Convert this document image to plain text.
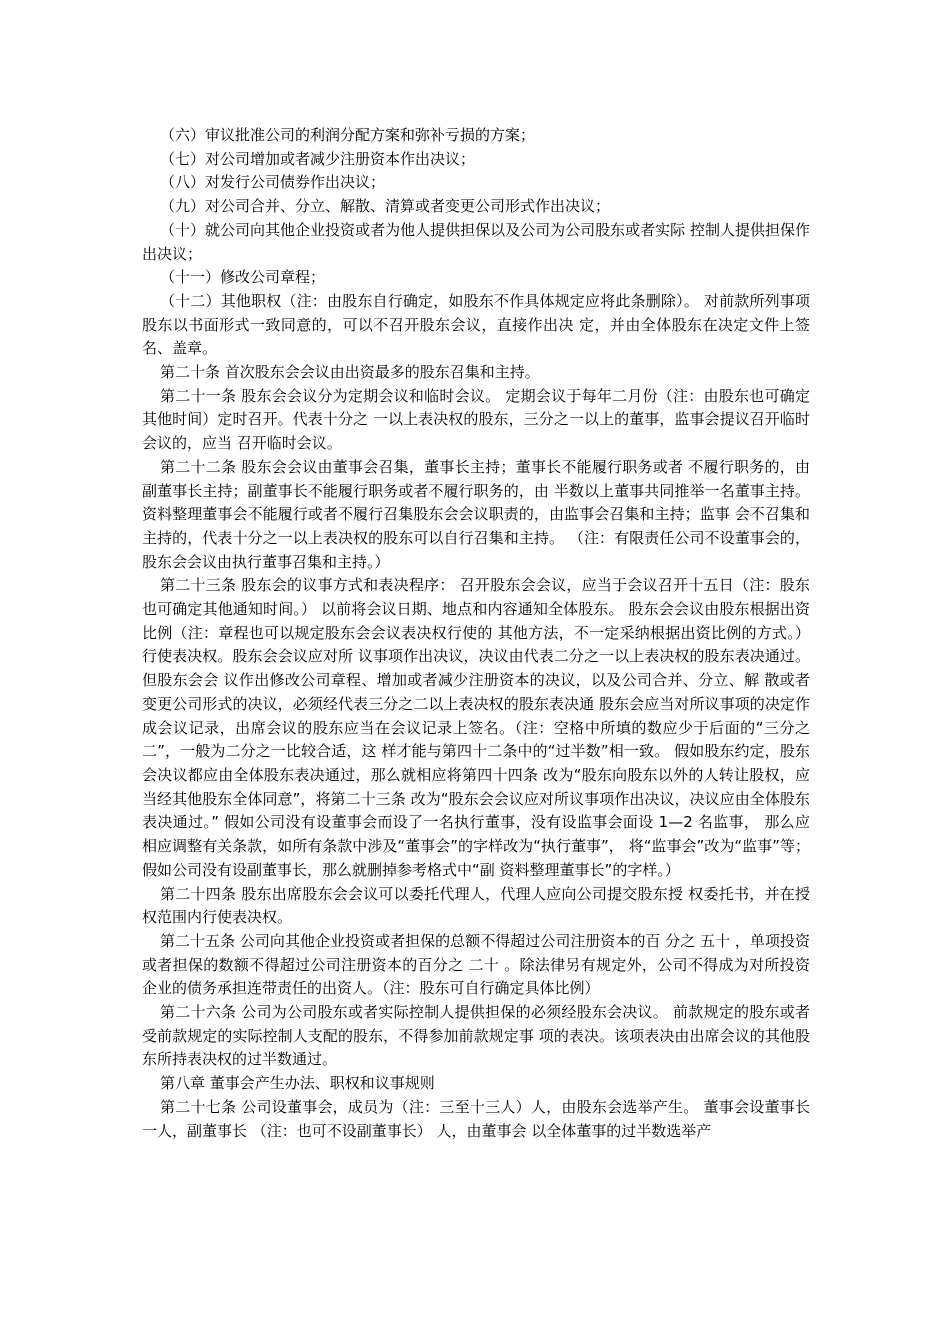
（六）审议批准公司的利润分配方案和弥补亏损的方案；

（七）对公司增加或者减少注册资本作出决议；

（八）对发行公司债券作出决议；

（九）对公司合并、分立、解散、清算或者变更公司形式作出决议；

（十）就公司向其他企业投资或者为他人提供担保以及公司为公司股东或者实际 控制人提供担保作出决议；

（十一）修改公司章程；

（十二）其他职权（注：由股东自行确定，如股东不作具体规定应将此条删除）。 对前款所列事项股东以书面形式一致同意的，可以不召开股东会议，直接作出决 定，并由全体股东在决定文件上签名、盖章。

第二十条 首次股东会会议由出资最多的股东召集和主持。

第二十一条 股东会会议分为定期会议和临时会议。 定期会议于每年二月份（注：由股东也可确定其他时间）定时召开。代表十分之 一以上表决权的股东，三分之一以上的董事，监事会提议召开临时会议的，应当 召开临时会议。

第二十二条 股东会会议由董事会召集，董事长主持；董事长不能履行职务或者 不履行职务的，由副董事长主持；副董事长不能履行职务或者不履行职务的，由 半数以上董事共同推举一名董事主持。 资料整理董事会不能履行或者不履行召集股东会会议职责的，由监事会召集和主持；监事 会不召集和主持的，代表十分之一以上表决权的股东可以自行召集和主持。 （注：有限责任公司不设董事会的，股东会会议由执行董事召集和主持。）

第二十三条 股东会的议事方式和表决程序： 召开股东会会议，应当于会议召开十五日（注：股东也可确定其他通知时间。） 以前将会议日期、地点和内容通知全体股东。 股东会会议由股东根据出资比例（注：章程也可以规定股东会会议表决权行使的 其他方法，不一定采纳根据出资比例的方式。）行使表决权。股东会会议应对所 议事项作出决议，决议由代表二分之一以上表决权的股东表决通过。但股东会会 议作出修改公司章程、增加或者减少注册资本的决议，以及公司合并、分立、解 散或者变更公司形式的决议，必须经代表三分之二以上表决权的股东表决通 股东会应当对所议事项的决定作成会议记录，出席会议的股东应当在会议记录上签名。（注：空格中所填的数应少于后面的“三分之二”，一般为二分之一比较合适，这 样才能与第四十二条中的“过半数”相一致。 假如股东约定，股东会决议都应由全体股东表决通过，那么就相应将第四十四条 改为“股东向股东以外的人转让股权，应当经其他股东全体同意”，将第二十三条 改为“股东会会议应对所议事项作出决议，决议应由全体股东表决通过。” 假如公司没有设董事会而设了一名执行董事，没有设监事会面设 1—2 名监事， 那么应相应调整有关条款，如所有条款中涉及“董事会”的字样改为“执行董事”， 将“监事会”改为“监事”等；假如公司没有设副董事长，那么就删掉参考格式中“副 资料整理董事长”的字样。）

第二十四条 股东出席股东会会议可以委托代理人，代理人应向公司提交股东授 权委托书，并在授权范围内行使表决权。

第二十五条 公司向其他企业投资或者担保的总额不得超过公司注册资本的百 分之 五十 ，单项投资或者担保的数额不得超过公司注册资本的百分之 二十 。除法律另有规定外，公司不得成为对所投资企业的债务承担连带责任的出资人。（注：股东可自行确定具体比例）

第二十六条 公司为公司股东或者实际控制人提供担保的必须经股东会决议。 前款规定的股东或者受前款规定的实际控制人支配的股东，不得参加前款规定事 项的表决。该项表决由出席会议的其他股东所持表决权的过半数通过。

第八章 董事会产生办法、职权和议事规则

第二十七条 公司设董事会，成员为（注：三至十三人）人，由股东会选举产生。 董事会设董事长一人，副董事长 （注：也可不设副董事长） 人，由董事会 以全体董事的过半数选举产
